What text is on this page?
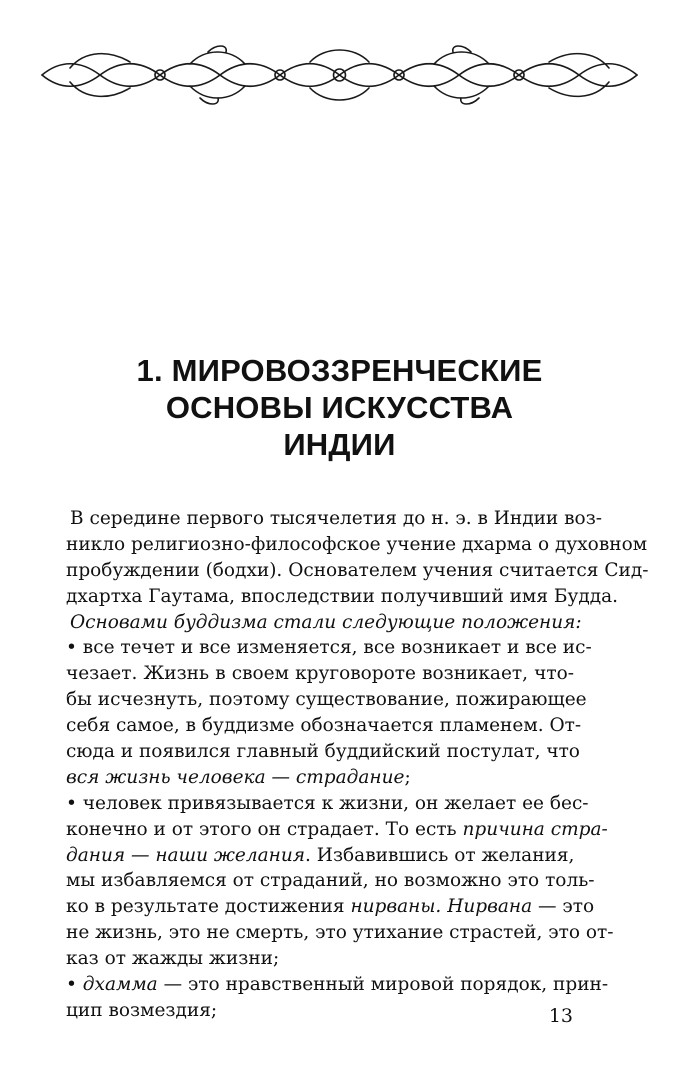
1. МИРОВОЗЗРЕНЧЕСКИЕ
ОСНОВЫ ИСКУССТВА
ИНДИИ
В середине первого тысячелетия до н. э. в Индии воз-
никло религиозно-философское учение дхарма о духовном
пробуждении (бодхи). Основателем учения считается Сид-
дхартха Гаутама, впоследствии получивший имя Будда.
Основами буддизма стали следующие положения:
• все течет и все изменяется, все возникает и все ис-
чезает. Жизнь в своем круговороте возникает, что-
бы исчезнуть, поэтому существование, пожирающее
себя самое, в буддизме обозначается пламенем. От-
сюда и появился главный буддийский постулат, что
вся жизнь человека — страдание;
• человек привязывается к жизни, он желает ее бес-
конечно и от этого он страдает. То есть причина стра-
дания — наши желания. Избавившись от желания,
мы избавляемся от страданий, но возможно это толь-
ко в результате достижения нирваны. Нирвана — это
не жизнь, это не смерть, это утихание страстей, это от-
каз от жажды жизни;
• дхамма — это нравственный мировой порядок, прин-
цип возмездия;	13
